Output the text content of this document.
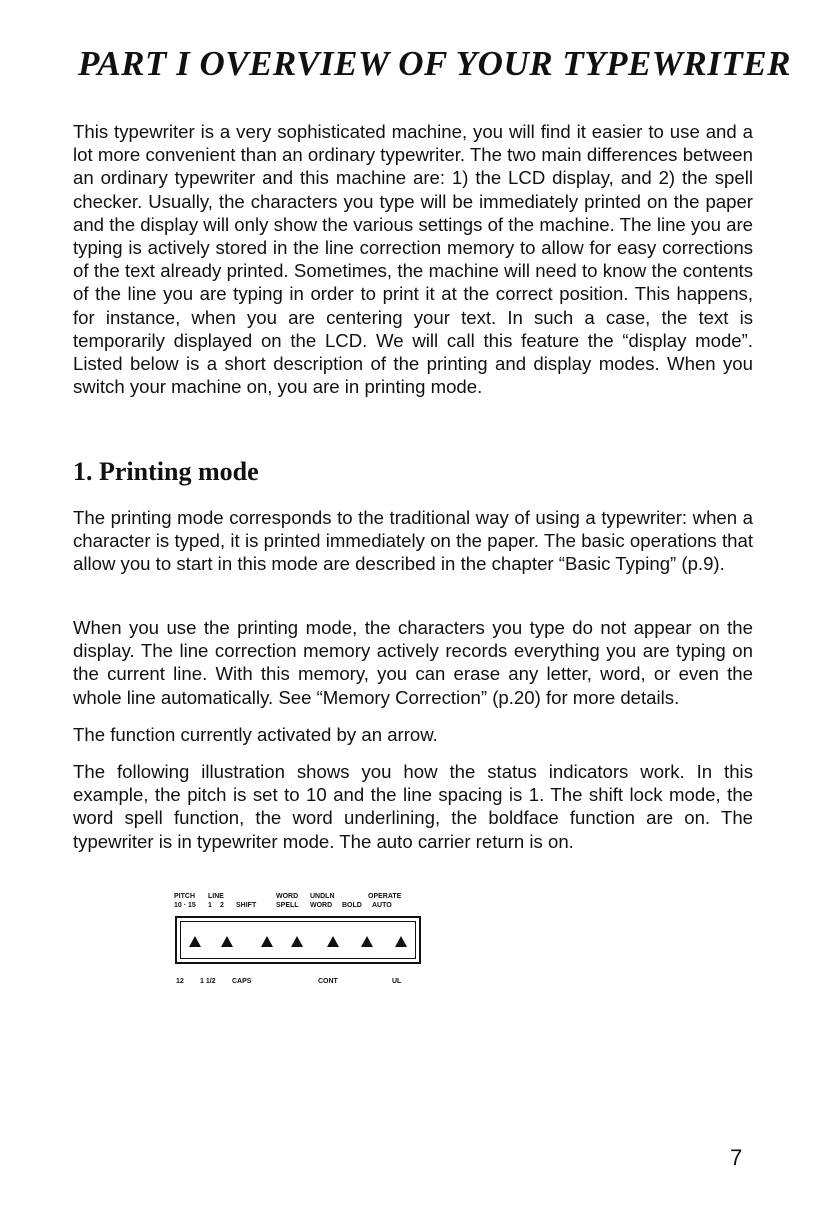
PART I OVERVIEW OF YOUR TYPEWRITER

This typewriter is a very sophisticated machine, you will find it easier to use and a lot more convenient than an ordinary typewriter. The two main differences between an ordinary typewriter and this machine are: 1) the LCD display, and 2) the spell checker. Usually, the characters you type will be immediately printed on the paper and the display will only show the various settings of the machine. The line you are typing is actively stored in the line correction memory to allow for easy corrections of the text already printed. Sometimes, the machine will need to know the contents of the line you are typing in order to print it at the correct position. This happens, for instance, when you are centering your text. In such a case, the text is temporarily displayed on the LCD. We will call this feature the “display mode”. Listed below is a short description of the printing and display modes. When you switch your machine on, you are in printing mode.

1. Printing mode

The printing mode corresponds to the traditional way of using a typewriter: when a character is typed, it is printed immediately on the paper. The basic operations that allow you to start in this mode are described in the chapter “Basic Typing” (p.9).

When you use the printing mode, the characters you type do not appear on the display. The line correction memory actively records everything you are typing on the current line. With this memory, you can erase any letter, word, or even the whole line automatically. See “Memory Correction” (p.20) for more details.

The function currently activated by an arrow.

The following illustration shows you how the status indicators work. In this example, the pitch is set to 10 and the line spacing is 1. The shift lock mode, the word spell function, the word underlining, the boldface function are on. The typewriter is in typewriter mode. The auto carrier return is on.

PITCH LINE	WORD UNDLN	OPERATE
10 · 15 1 2 SHIFT	SPELL WORD BOLD AUTO
12 1 1/2 CAPS	CONT	UL
7
